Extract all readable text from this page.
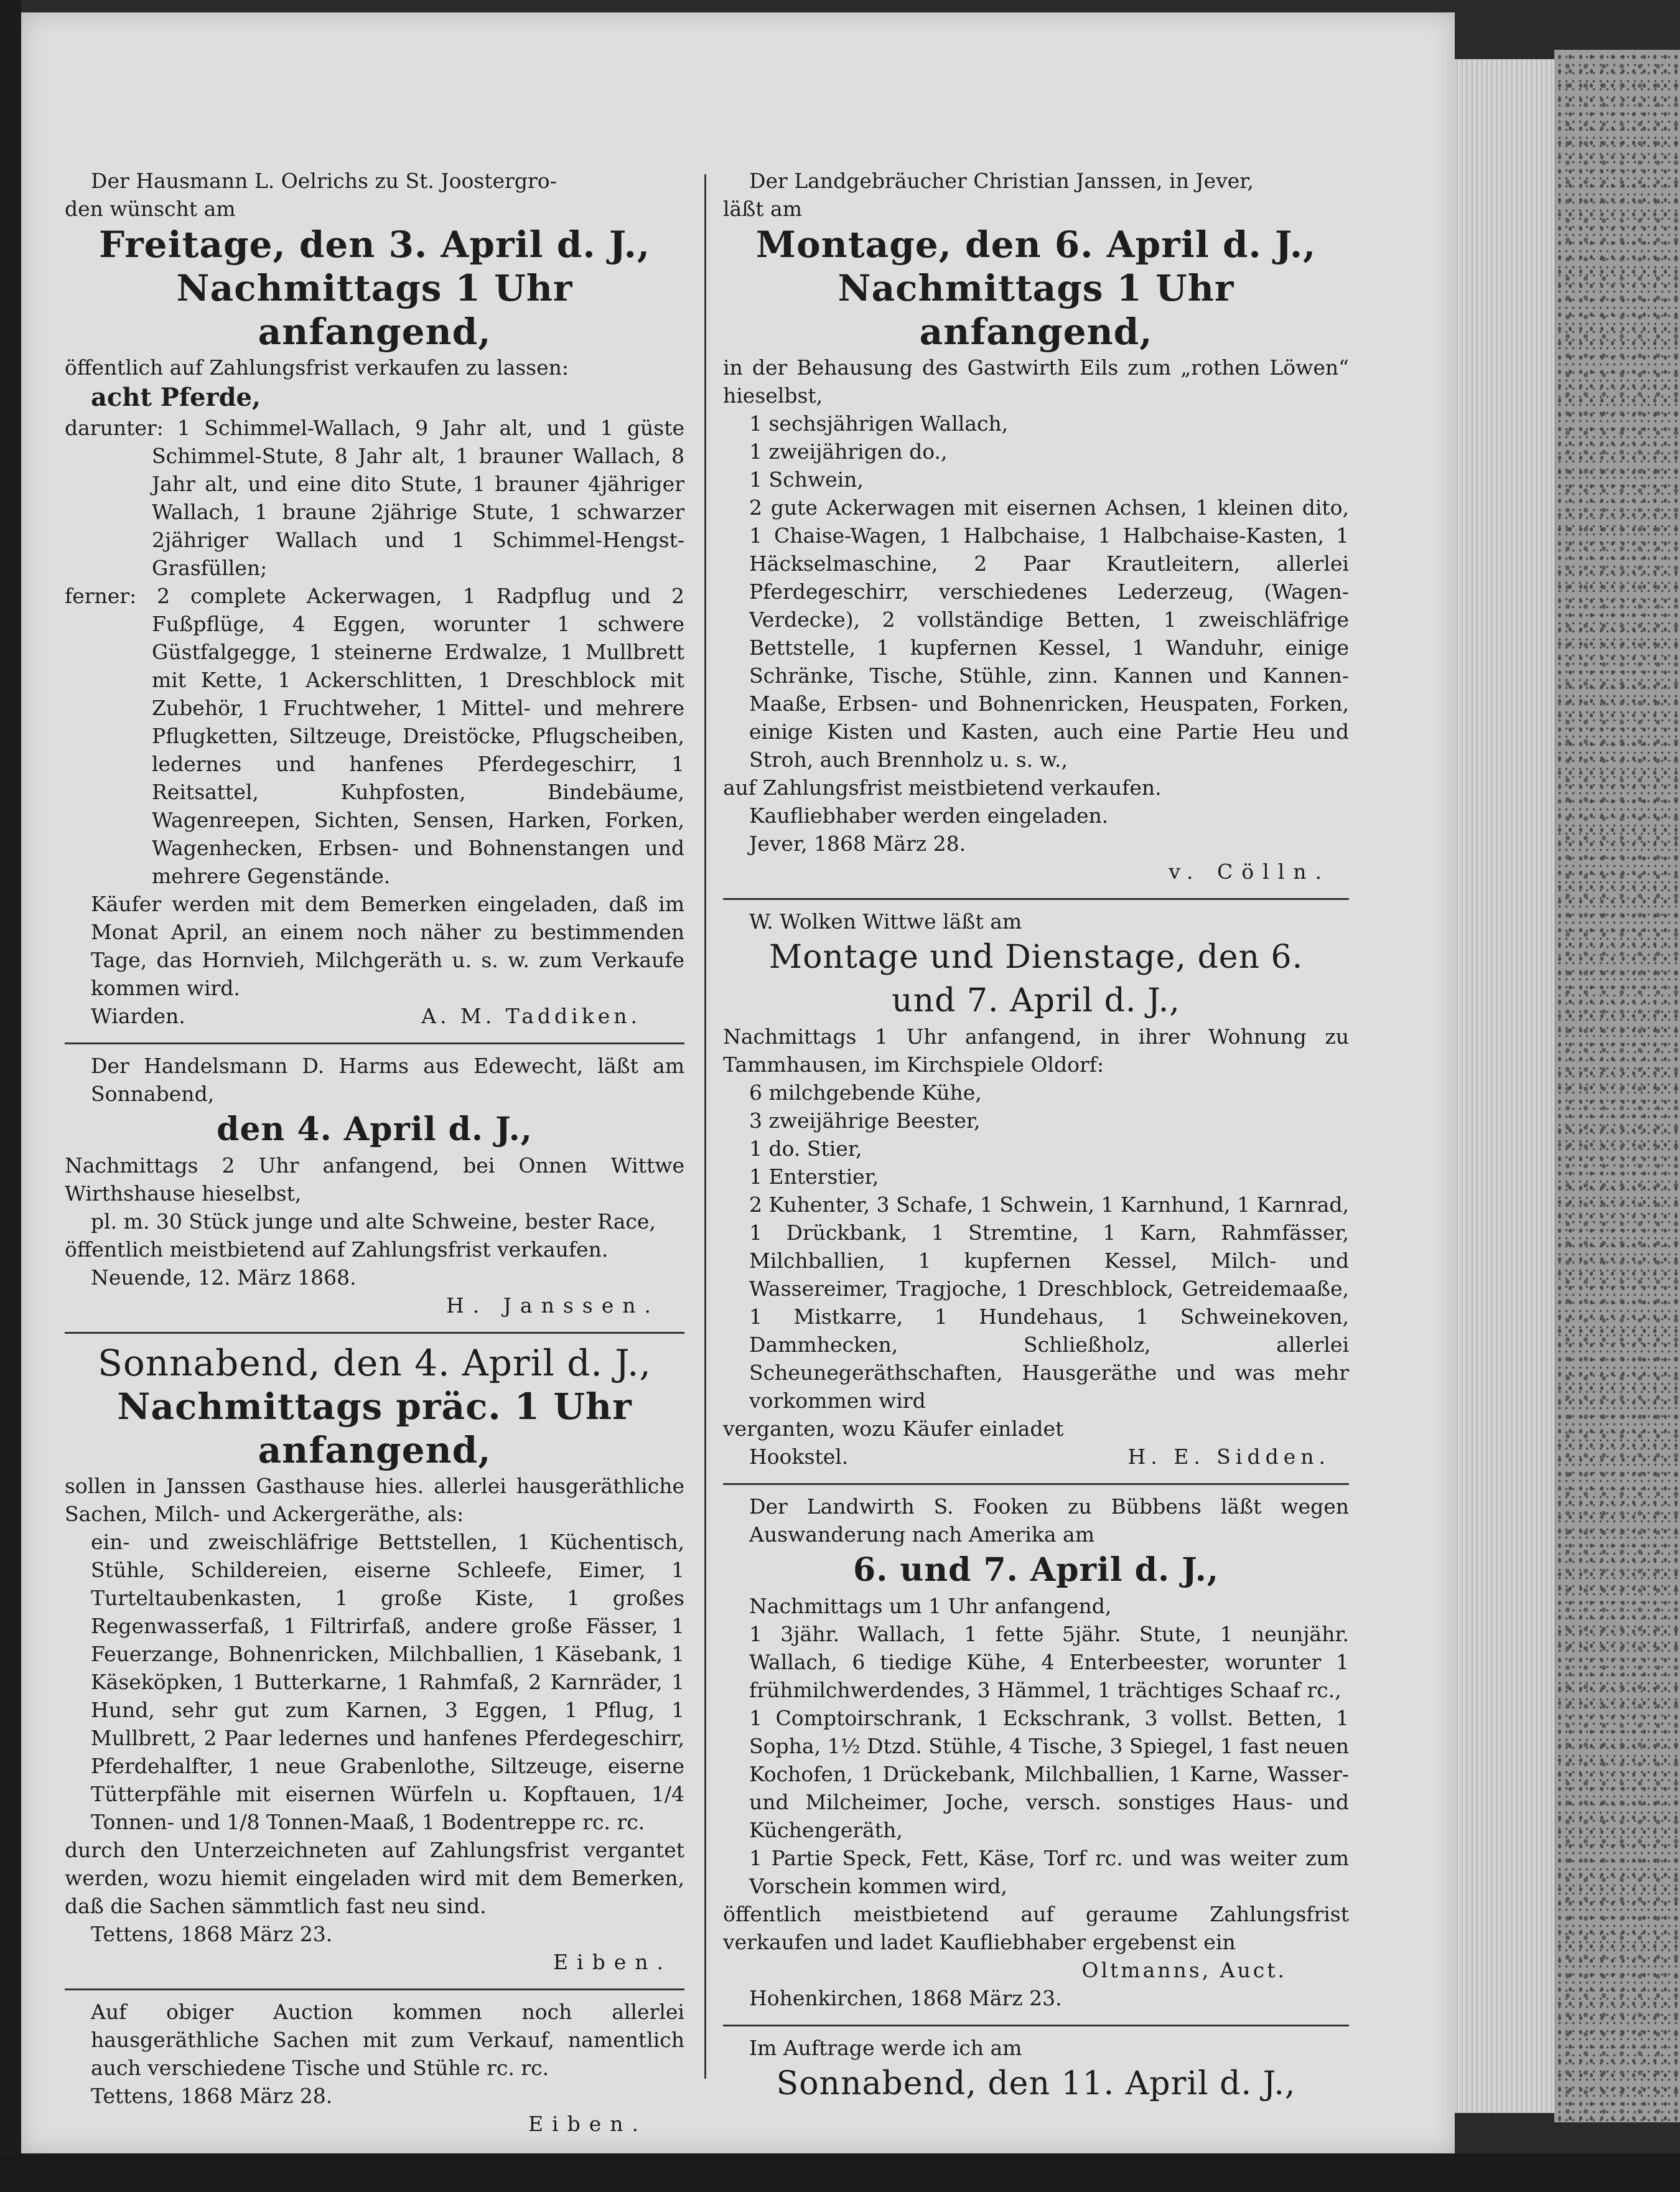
Der Hausmann L. Oelrichs zu St. Joostergro-

den wünscht am

Freitage, den 3. April d. J.,

Nachmittags 1 Uhr anfangend,

öffentlich auf Zahlungsfrist verkaufen zu lassen:

acht Pferde,

darunter: 1 Schimmel-Wallach, 9 Jahr alt, und 1 güste Schimmel-Stute, 8 Jahr alt, 1 brauner Wallach, 8 Jahr alt, und eine dito Stute, 1 brauner 4jähriger Wallach, 1 braune 2jährige Stute, 1 schwarzer 2jähriger Wallach und 1 Schimmel-Hengst-Grasfüllen;

ferner: 2 complete Ackerwagen, 1 Radpflug und 2 Fußpflüge, 4 Eggen, worunter 1 schwere Güstfalgegge, 1 steinerne Erdwalze, 1 Mullbrett mit Kette, 1 Ackerschlitten, 1 Dreschblock mit Zubehör, 1 Fruchtweher, 1 Mittel- und mehrere Pflugketten, Siltzeuge, Dreistöcke, Pflugscheiben, ledernes und hanfenes Pferdegeschirr, 1 Reitsattel, Kuhpfosten, Bindebäume, Wagenreepen, Sichten, Sensen, Harken, Forken, Wagenhecken, Erbsen- und Bohnenstangen und mehrere Gegenstände.

Käufer werden mit dem Bemerken eingeladen, daß im Monat April, an einem noch näher zu bestimmenden Tage, das Hornvieh, Milchgeräth u. s. w. zum Verkaufe kommen wird.

Wiarden.	A. M. Taddiken.

Der Handelsmann D. Harms aus Edewecht, läßt am Sonnabend,

den 4. April d. J.,

Nachmittags 2 Uhr anfangend, bei Onnen Wittwe Wirthshause hieselbst,

pl. m. 30 Stück junge und alte Schweine, bester Race,

öffentlich meistbietend auf Zahlungsfrist verkaufen.

Neuende, 12. März 1868.

H. Janssen.

Sonnabend, den 4. April d. J.,

Nachmittags präc. 1 Uhr anfangend,

sollen in Janssen Gasthause hies. allerlei hausgeräthliche Sachen, Milch- und Ackergeräthe, als:

ein- und zweischläfrige Bettstellen, 1 Küchentisch, Stühle, Schildereien, eiserne Schleefe, Eimer, 1 Turteltaubenkasten, 1 große Kiste, 1 großes Regenwasserfaß, 1 Filtrirfaß, andere große Fässer, 1 Feuerzange, Bohnenricken, Milchballien, 1 Käsebank, 1 Käseköpken, 1 Butterkarne, 1 Rahmfaß, 2 Karnräder, 1 Hund, sehr gut zum Karnen, 3 Eggen, 1 Pflug, 1 Mullbrett, 2 Paar ledernes und hanfenes Pferdegeschirr, Pferdehalfter, 1 neue Grabenlothe, Siltzeuge, eiserne Tütterpfähle mit eisernen Würfeln u. Kopftauen, 1/4 Tonnen- und 1/8 Tonnen-Maaß, 1 Bodentreppe rc. rc.

durch den Unterzeichneten auf Zahlungsfrist vergantet werden, wozu hiemit eingeladen wird mit dem Bemerken, daß die Sachen sämmtlich fast neu sind.

Tettens, 1868 März 23.

Eiben.

Auf obiger Auction kommen noch allerlei hausgeräthliche Sachen mit zum Verkauf, namentlich auch verschiedene Tische und Stühle rc. rc.

Tettens, 1868 März 28.

Eiben.

Der Landgebräucher Christian Janssen, in Jever,

läßt am

Montage, den 6. April d. J.,

Nachmittags 1 Uhr anfangend,

in der Behausung des Gastwirth Eils zum „rothen Löwen“ hieselbst,

1 sechsjährigen Wallach,

1 zweijährigen do.,

1 Schwein,

2 gute Ackerwagen mit eisernen Achsen, 1 kleinen dito, 1 Chaise-Wagen, 1 Halbchaise, 1 Halbchaise-Kasten, 1 Häckselmaschine, 2 Paar Krautleitern, allerlei Pferdegeschirr, verschiedenes Lederzeug, (Wagen-Verdecke), 2 vollständige Betten, 1 zweischläfrige Bettstelle, 1 kupfernen Kessel, 1 Wanduhr, einige Schränke, Tische, Stühle, zinn. Kannen und Kannen-Maaße, Erbsen- und Bohnenricken, Heuspaten, Forken, einige Kisten und Kasten, auch eine Partie Heu und Stroh, auch Brennholz u. s. w.,

auf Zahlungsfrist meistbietend verkaufen.

Kaufliebhaber werden eingeladen.

Jever, 1868 März 28.

v. Cölln.

W. Wolken Wittwe läßt am

Montage und Dienstage, den 6.

und 7. April d. J.,

Nachmittags 1 Uhr anfangend, in ihrer Wohnung zu Tammhausen, im Kirchspiele Oldorf:

6 milchgebende Kühe,

3 zweijährige Beester,

1 do. Stier,

1 Enterstier,

2 Kuhenter, 3 Schafe, 1 Schwein, 1 Karnhund, 1 Karnrad, 1 Drückbank, 1 Stremtine, 1 Karn, Rahmfässer, Milchballien, 1 kupfernen Kessel, Milch- und Wassereimer, Tragjoche, 1 Dreschblock, Getreidemaaße, 1 Mistkarre, 1 Hundehaus, 1 Schweinekoven, Dammhecken, Schließholz, allerlei Scheunegeräthschaften, Hausgeräthe und was mehr vorkommen wird

verganten, wozu Käufer einladet

Hookstel.	H. E. Sidden.

Der Landwirth S. Fooken zu Bübbens läßt wegen Auswanderung nach Amerika am

6. und 7. April d. J.,

Nachmittags um 1 Uhr anfangend,

1 3jähr. Wallach, 1 fette 5jähr. Stute, 1 neunjähr. Wallach, 6 tiedige Kühe, 4 Enterbeester, worunter 1 frühmilchwerdendes, 3 Hämmel, 1 trächtiges Schaaf rc.,

1 Comptoirschrank, 1 Eckschrank, 3 vollst. Betten, 1 Sopha, 1½ Dtzd. Stühle, 4 Tische, 3 Spiegel, 1 fast neuen Kochofen, 1 Drückebank, Milchballien, 1 Karne, Wasser- und Milcheimer, Joche, versch. sonstiges Haus- und Küchengeräth,

1 Partie Speck, Fett, Käse, Torf rc. und was weiter zum Vorschein kommen wird,

öffentlich meistbietend auf geraume Zahlungsfrist verkaufen und ladet Kaufliebhaber ergebenst ein

Oltmanns, Auct.

Hohenkirchen, 1868 März 23.

Im Auftrage werde ich am

Sonnabend, den 11. April d. J.,
